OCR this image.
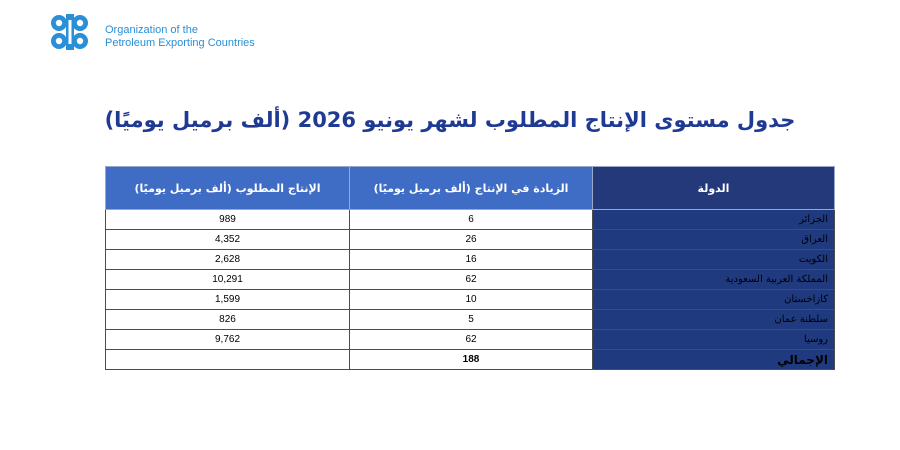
Organization of the
Petroleum Exporting Countries
جدول مستوى الإنتاج المطلوب لشهر يونيو 2026 (ألف برميل يوميًا)
الدولة	الزيادة في الإنتاج (ألف برميل يوميًا)	الإنتاج المطلوب (ألف برميل يوميًا)
الجزائر	6	989
العراق	26	4,352
الكويت	16	2,628
المملكة العربية السعودية	62	10,291
كازاخستان	10	1,599
سلطنة عمان	5	826
روسيا	62	9,762
الإجمالي	188	
